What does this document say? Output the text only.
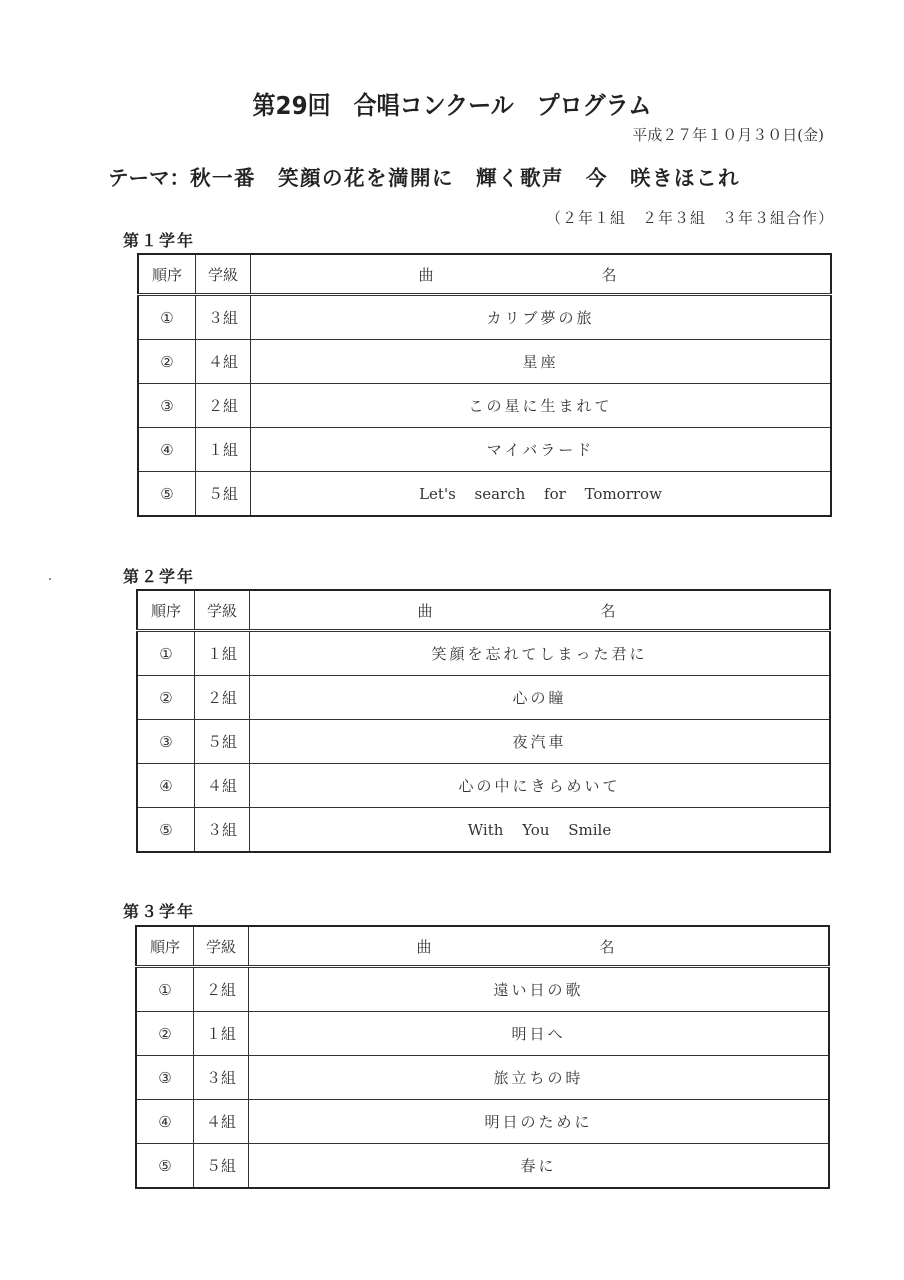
第29回　合唱コンクール　プログラム
平成２７年１０月３０日(金)
テーマ：秋一番　笑顔の花を満開に　輝く歌声　今　咲きほこれ
（２年１組　２年３組　３年３組合作）
第１学年
順序	学級	曲　　名
①	３組	カリブ夢の旅
②	４組	星座
③	２組	この星に生まれて
④	１組	マイバラード
⑤	５組	Let's search for Tomorrow
第２学年
順序	学級	曲　　名
①	１組	笑顔を忘れてしまった君に
②	２組	心の瞳
③	５組	夜汽車
④	４組	心の中にきらめいて
⑤	３組	With You Smile
第３学年
順序	学級	曲　　名
①	２組	遠い日の歌
②	１組	明日へ
③	３組	旅立ちの時
④	４組	明日のために
⑤	５組	春に
